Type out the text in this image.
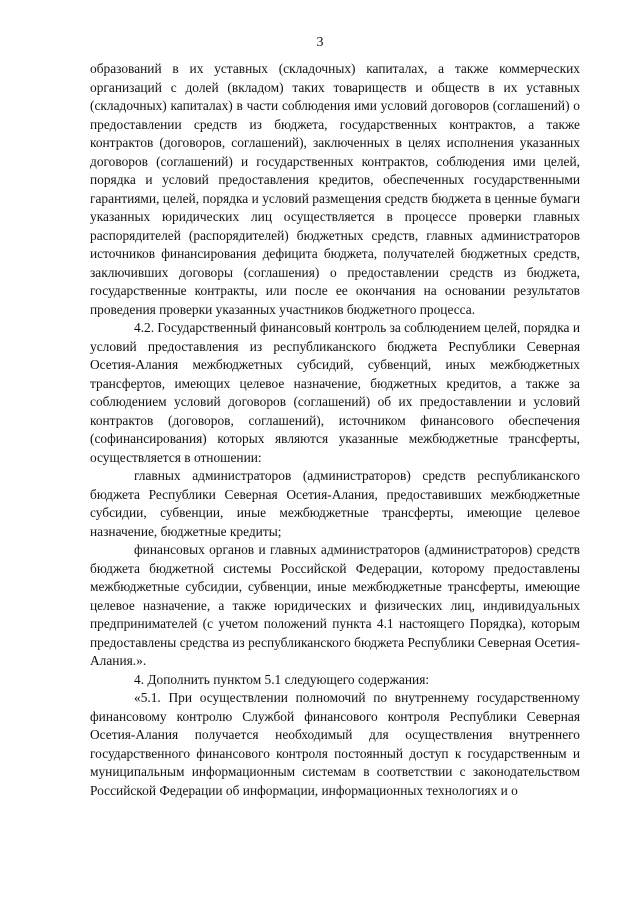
3

образований в их уставных (складочных) капиталах, а также коммерческих организаций с долей (вкладом) таких товариществ и обществ в их уставных (складочных) капиталах) в части соблюдения ими условий договоров (соглашений) о предоставлении средств из бюджета, государственных контрактов, а также контрактов (договоров, соглашений), заключенных в целях исполнения указанных договоров (соглашений) и государственных контрактов, соблюдения ими целей, порядка и условий предоставления кредитов, обеспеченных государственными гарантиями, целей, порядка и условий размещения средств бюджета в ценные бумаги указанных юридических лиц осуществляется в процессе проверки главных распорядителей (распорядителей) бюджетных средств, главных администраторов источников финансирования дефицита бюджета, получателей бюджетных средств, заключивших договоры (соглашения) о предоставлении средств из бюджета, государственные контракты, или после ее окончания на основании результатов проведения проверки указанных участников бюджетного процесса.

4.2. Государственный финансовый контроль за соблюдением целей, порядка и условий предоставления из республиканского бюджета Республики Северная Осетия-Алания межбюджетных субсидий, субвенций, иных межбюджетных трансфертов, имеющих целевое назначение, бюджетных кредитов, а также за соблюдением условий договоров (соглашений) об их предоставлении и условий контрактов (договоров, соглашений), источником финансового обеспечения (софинансирования) которых являются указанные межбюджетные трансферты, осуществляется в отношении:

главных администраторов (администраторов) средств республиканского бюджета Республики Северная Осетия-Алания, предоставивших межбюджетные субсидии, субвенции, иные межбюджетные трансферты, имеющие целевое назначение, бюджетные кредиты;

финансовых органов и главных администраторов (администраторов) средств бюджета бюджетной системы Российской Федерации, которому предоставлены межбюджетные субсидии, субвенции, иные межбюджетные трансферты, имеющие целевое назначение, а также юридических и физических лиц, индивидуальных предпринимателей (с учетом положений пункта 4.1 настоящего Порядка), которым предоставлены средства из республиканского бюджета Республики Северная Осетия-Алания.».

4. Дополнить пунктом 5.1 следующего содержания:

«5.1. При осуществлении полномочий по внутреннему государственному финансовому контролю Службой финансового контроля Республики Северная Осетия-Алания получается необходимый для осуществления внутреннего государственного финансового контроля постоянный доступ к государственным и муниципальным информационным системам в соответствии с законодательством Российской Федерации об информации, информационных технологиях и о
